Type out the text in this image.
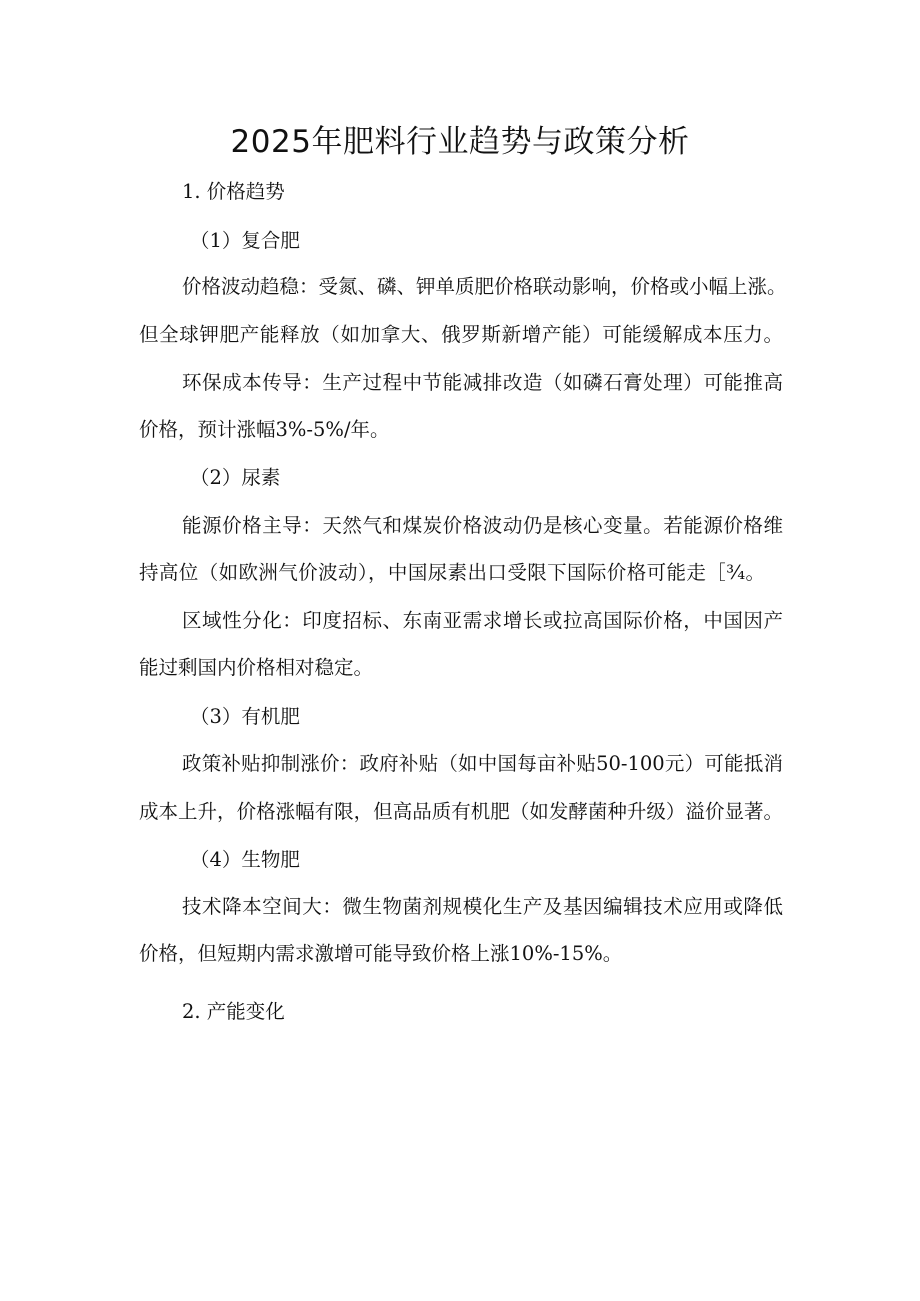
2025年肥料行业趋势与政策分析

1. 价格趋势

（1）复合肥

价格波动趋稳：受氮、磷、钾单质肥价格联动影响，价格或小幅上涨。

但全球钾肥产能释放（如加拿大、俄罗斯新增产能）可能缓解成本压力。

环保成本传导：生产过程中节能减排改造（如磷石膏处理）可能推高

价格，预计涨幅3%-5%/年。

（2）尿素

能源价格主导：天然气和煤炭价格波动仍是核心变量。若能源价格维

持高位（如欧洲气价波动），中国尿素出口受限下国际价格可能走［¾。

区域性分化：印度招标、东南亚需求增长或拉高国际价格，中国因产

能过剩国内价格相对稳定。

（3）有机肥

政策补贴抑制涨价：政府补贴（如中国每亩补贴50-100元）可能抵消

成本上升，价格涨幅有限，但高品质有机肥（如发酵菌种升级）溢价显著。

（4）生物肥

技术降本空间大：微生物菌剂规模化生产及基因编辑技术应用或降低

价格，但短期内需求激增可能导致价格上涨10%-15%。

2. 产能变化
